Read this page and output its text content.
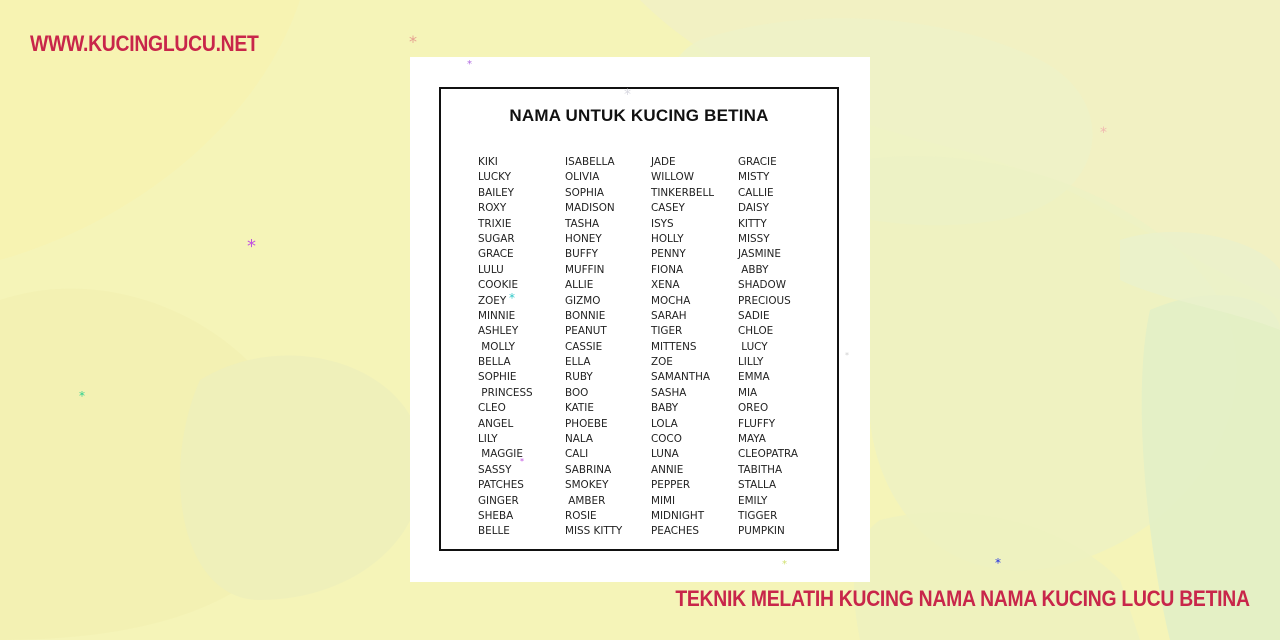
WWW.KUCINGLUCU.NET
NAMA UNTUK KUCING BETINA
KIKI
LUCKY
BAILEY
ROXY
TRIXIE
SUGAR
GRACE
LULU
COOKIE
ZOEY
MINNIE
ASHLEY
MOLLY
BELLA
SOPHIE
PRINCESS
CLEO
ANGEL
LILY
MAGGIE
SASSY
PATCHES
GINGER
SHEBA
BELLE
ISABELLA
OLIVIA
SOPHIA
MADISON
TASHA
HONEY
BUFFY
MUFFIN
ALLIE
GIZMO
BONNIE
PEANUT
CASSIE
ELLA
RUBY
BOO
KATIE
PHOEBE
NALA
CALI
SABRINA
SMOKEY
AMBER
ROSIE
MISS KITTY
JADE
WILLOW
TINKERBELL
CASEY
ISYS
HOLLY
PENNY
FIONA
XENA
MOCHA
SARAH
TIGER
MITTENS
ZOE
SAMANTHA
SASHA
BABY
LOLA
COCO
LUNA
ANNIE
PEPPER
MIMI
MIDNIGHT
PEACHES
GRACIE
MISTY
CALLIE
DAISY
KITTY
MISSY
JASMINE
ABBY
SHADOW
PRECIOUS
SADIE
CHLOE
LUCY
LILLY
EMMA
MIA
OREO
FLUFFY
MAYA
CLEOPATRA
TABITHA
STALLA
EMILY
TIGGER
PUMPKIN
*
*
*
*
*
*
*
*
*
*
*

TEKNIK MELATIH KUCING NAMA NAMA KUCING LUCU BETINA
